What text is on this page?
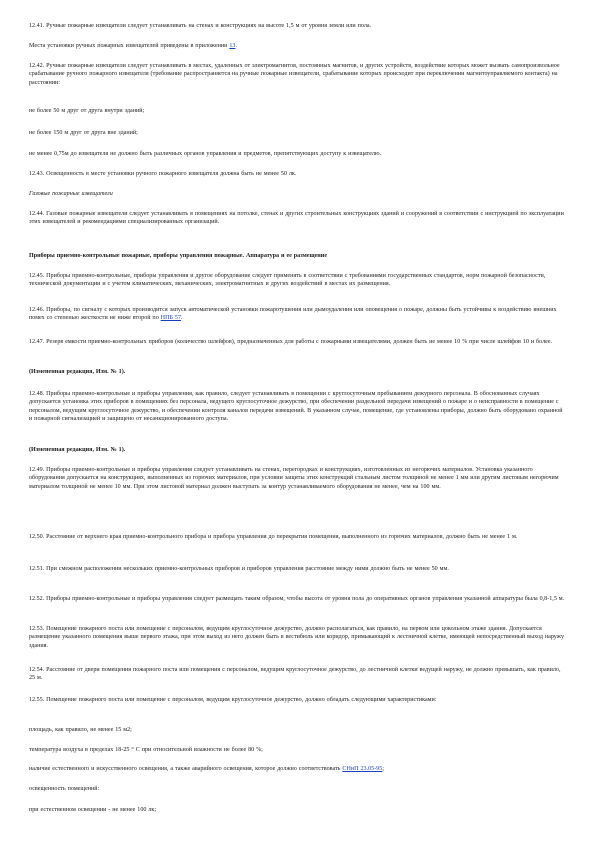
12.41. Ручные пожарные извещатели следует устанавливать на стенах и конструкциях на высоте 1,5 м от уровня земли или пола.

Места установки ручных пожарных извещателей приведены в приложении 13.

12.42. Ручные пожарные извещатели следует устанавливать в местах, удаленных от электромагнитов, постоянных магнитов, и других устройств, воздействие которых может вызвать самопроизвольное срабатывание ручного пожарного извещателя (требование распространяется на ручные пожарные извещатели, срабатывание которых происходит при переключении магнитоуправляемого контакта) на расстоянии:

не более 50 м друг от друга внутри зданий;

не более 150 м друг от друга вне зданий;

не менее 0,75м до извещателя не должно быть различных органов управления и предметов, препятствующих доступу к извещателю.

12.43. Освещенность в месте установки ручного пожарного извещателя должна быть не менее 50 лк.

Газовые пожарные извещатели

12.44. Газовые пожарные извещатели следует устанавливать в помещениях на потолке, стенах и других строительных конструкциях зданий и сооружений в соответствии с инструкцией по эксплуатации этих извещателей и рекомендациями специализированных организаций.

Приборы приемно-контрольные пожарные, приборы управления пожарные. Аппаратура и ее размещение

12.45. Приборы приемно-контрольные, приборы управления и другое оборудование следует применять в соответствии с требованиями государственных стандартов, норм пожарной безопасности, технической документации и с учетом климатических, механических, электромагнитных и других воздействий в местах их размещения.

12.46. Приборы, по сигналу с которых производится запуск автоматической установки пожаротушения или дымоудаления или оповещения о пожаре, должны быть устойчивы к воздействию внешних помех со степенью жесткости не ниже второй по НПБ 57.

12.47. Резерв емкости приемно-контрольных приборов (количество шлейфов), предназначенных для работы с пожарными извещателями, должен быть не менее 10 % при числе шлейфов 10 и более.

(Измененная редакция, Изм. № 1).

12.48. Приборы приемно-контрольные и приборы управления, как правило, следует устанавливать в помещении с круглосуточным пребыванием дежурного персонала. В обоснованных случаях допускается установка этих приборов в помещениях без персонала, ведущего круглосуточное дежурство, при обеспечении раздельной передачи извещений о пожаре и о неисправности в помещение с персоналом, ведущим круглосуточное дежурство, и обеспечении контроля каналов передачи извещений. В указанном случае, помещение, где установлены приборы, должно быть оборудовано охранной и пожарной сигнализацией и защищено от несанкционированного доступа.

(Измененная редакция, Изм. № 1).

12.49. Приборы приемно-контрольные и приборы управления следует устанавливать на стенах, перегородках и конструкциях, изготовленных из негорючих материалов. Установка указанного оборудования допускается на конструкциях, выполненных из горючих материалов, при условии защиты этих конструкций стальным листом толщиной не менее 1 мм или другим листовым негорючим материалом толщиной не менее 10 мм. При этом листовой материал должен выступать за контур устанавливаемого оборудования не менее, чем на 100 мм.

12.50. Расстояние от верхнего края приемно-контрольного прибора и прибора управления до перекрытия помещения, выполненного из горючих материалов, должно быть не менее 1 м.

12.51. При смежном расположении нескольких приемно-контрольных приборов и приборов управления расстояние между ними должно быть не менее 50 мм.

12.52. Приборы приемно-контрольные и приборы управления следует размещать таким образом, чтобы высота от уровня пола до оперативных органов управления указанной аппаратуры была 0,8-1,5 м.

12.53. Помещение пожарного поста или помещение с персоналом, ведущим круглосуточное дежурство, должно располагаться, как правило, на первом или цокольном этаже здания. Допускается размещение указанного помещения выше первого этажа, при этом выход из него должен быть в вестибюль или коридор, примыкающий к лестничной клетке, имеющей непосредственный выход наружу здания.

12.54. Расстояние от двери помещения пожарного поста или помещения с персоналом, ведущим круглосуточное дежурство, до лестничной клетки ведущей наружу, не должно превышать, как правило, 25 м.

12.55. Помещение пожарного поста или помещение с персоналом, ведущим круглосуточное дежурство, должно обладать следующими характеристиками:

площадь, как правило, не менее 15 м2;

температура воздуха в пределах 18-25 ° С при относительной влажности не более 80 %;

наличие естественного и искусственного освещения, а также аварийного освещения, которое должно соответствовать СНиП 23.05-95;

освещенность помещений:

при естественном освещении - не менее 100 лк;
